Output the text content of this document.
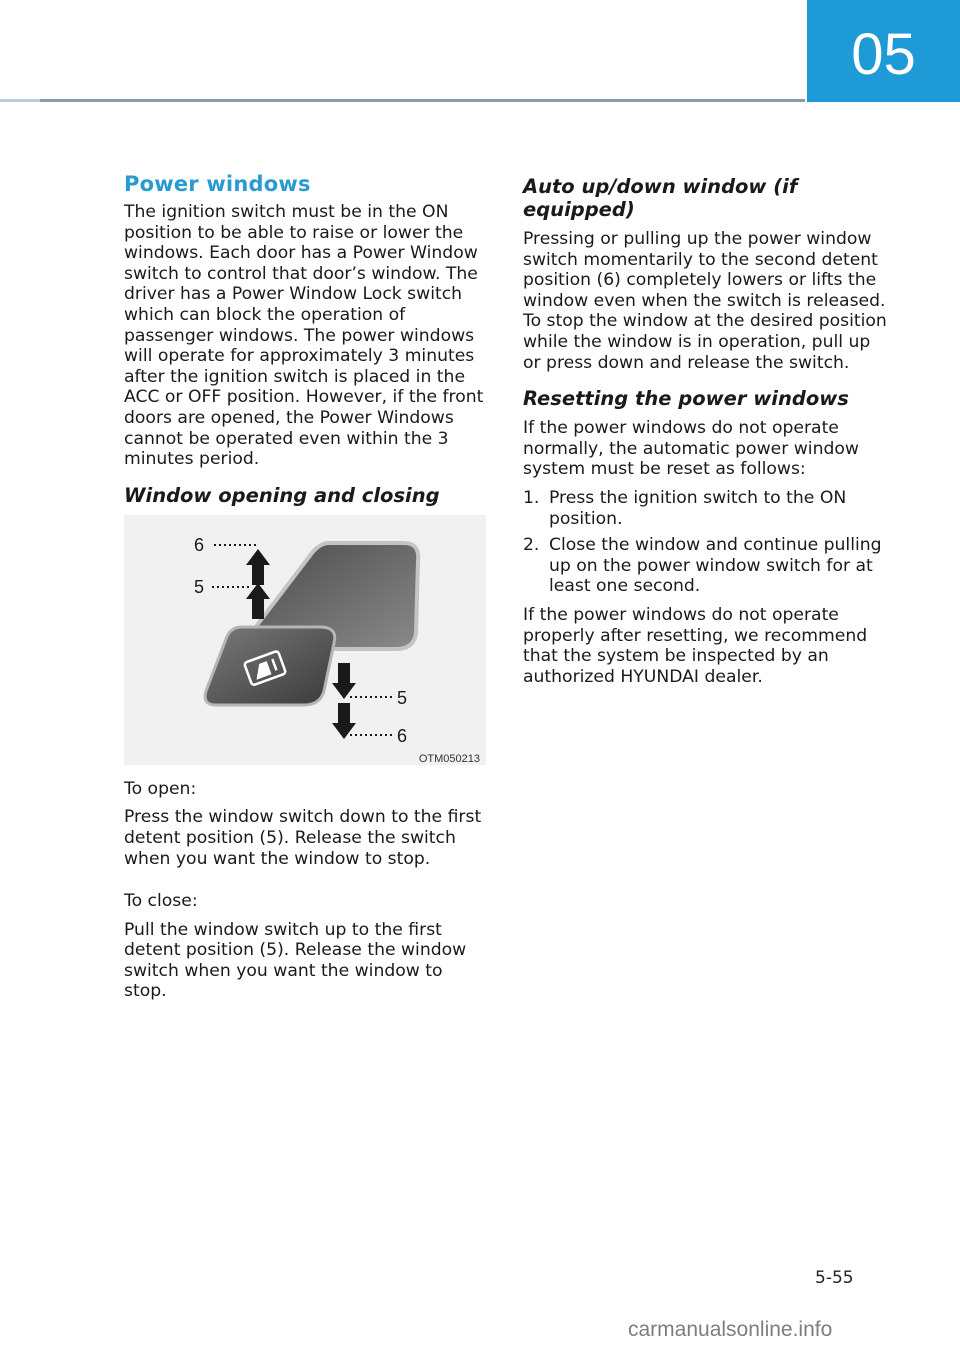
05
Power windows

The ignition switch must be in the ON position to be able to raise or lower the windows. Each door has a Power Window switch to control that door’s window. The driver has a Power Window Lock switch which can block the operation of passenger windows. The power windows will operate for approximately 3 minutes after the ignition switch is placed in the ACC or OFF position. However, if the front doors are opened, the Power Windows cannot be operated even within the 3 minutes period.

Window opening and closing
6
5
5
6
OTM050213

To open:

Press the window switch down to the first detent position (5). Release the switch when you want the window to stop.

To close:

Pull the window switch up to the first detent position (5). Release the window switch when you want the window to stop.

Auto up/down window (if equipped)

Pressing or pulling up the power window switch momentarily to the second detent position (6) completely lowers or lifts the window even when the switch is released. To stop the window at the desired position while the window is in operation, pull up or press down and release the switch.

Resetting the power windows

If the power windows do not operate normally, the automatic power window system must be reset as follows:

1. Press the ignition switch to the ON position.
2. Close the window and continue pulling up on the power window switch for at least one second.

If the power windows do not operate properly after resetting, we recommend that the system be inspected by an authorized HYUNDAI dealer.

5-55
carmanualsonline.info
